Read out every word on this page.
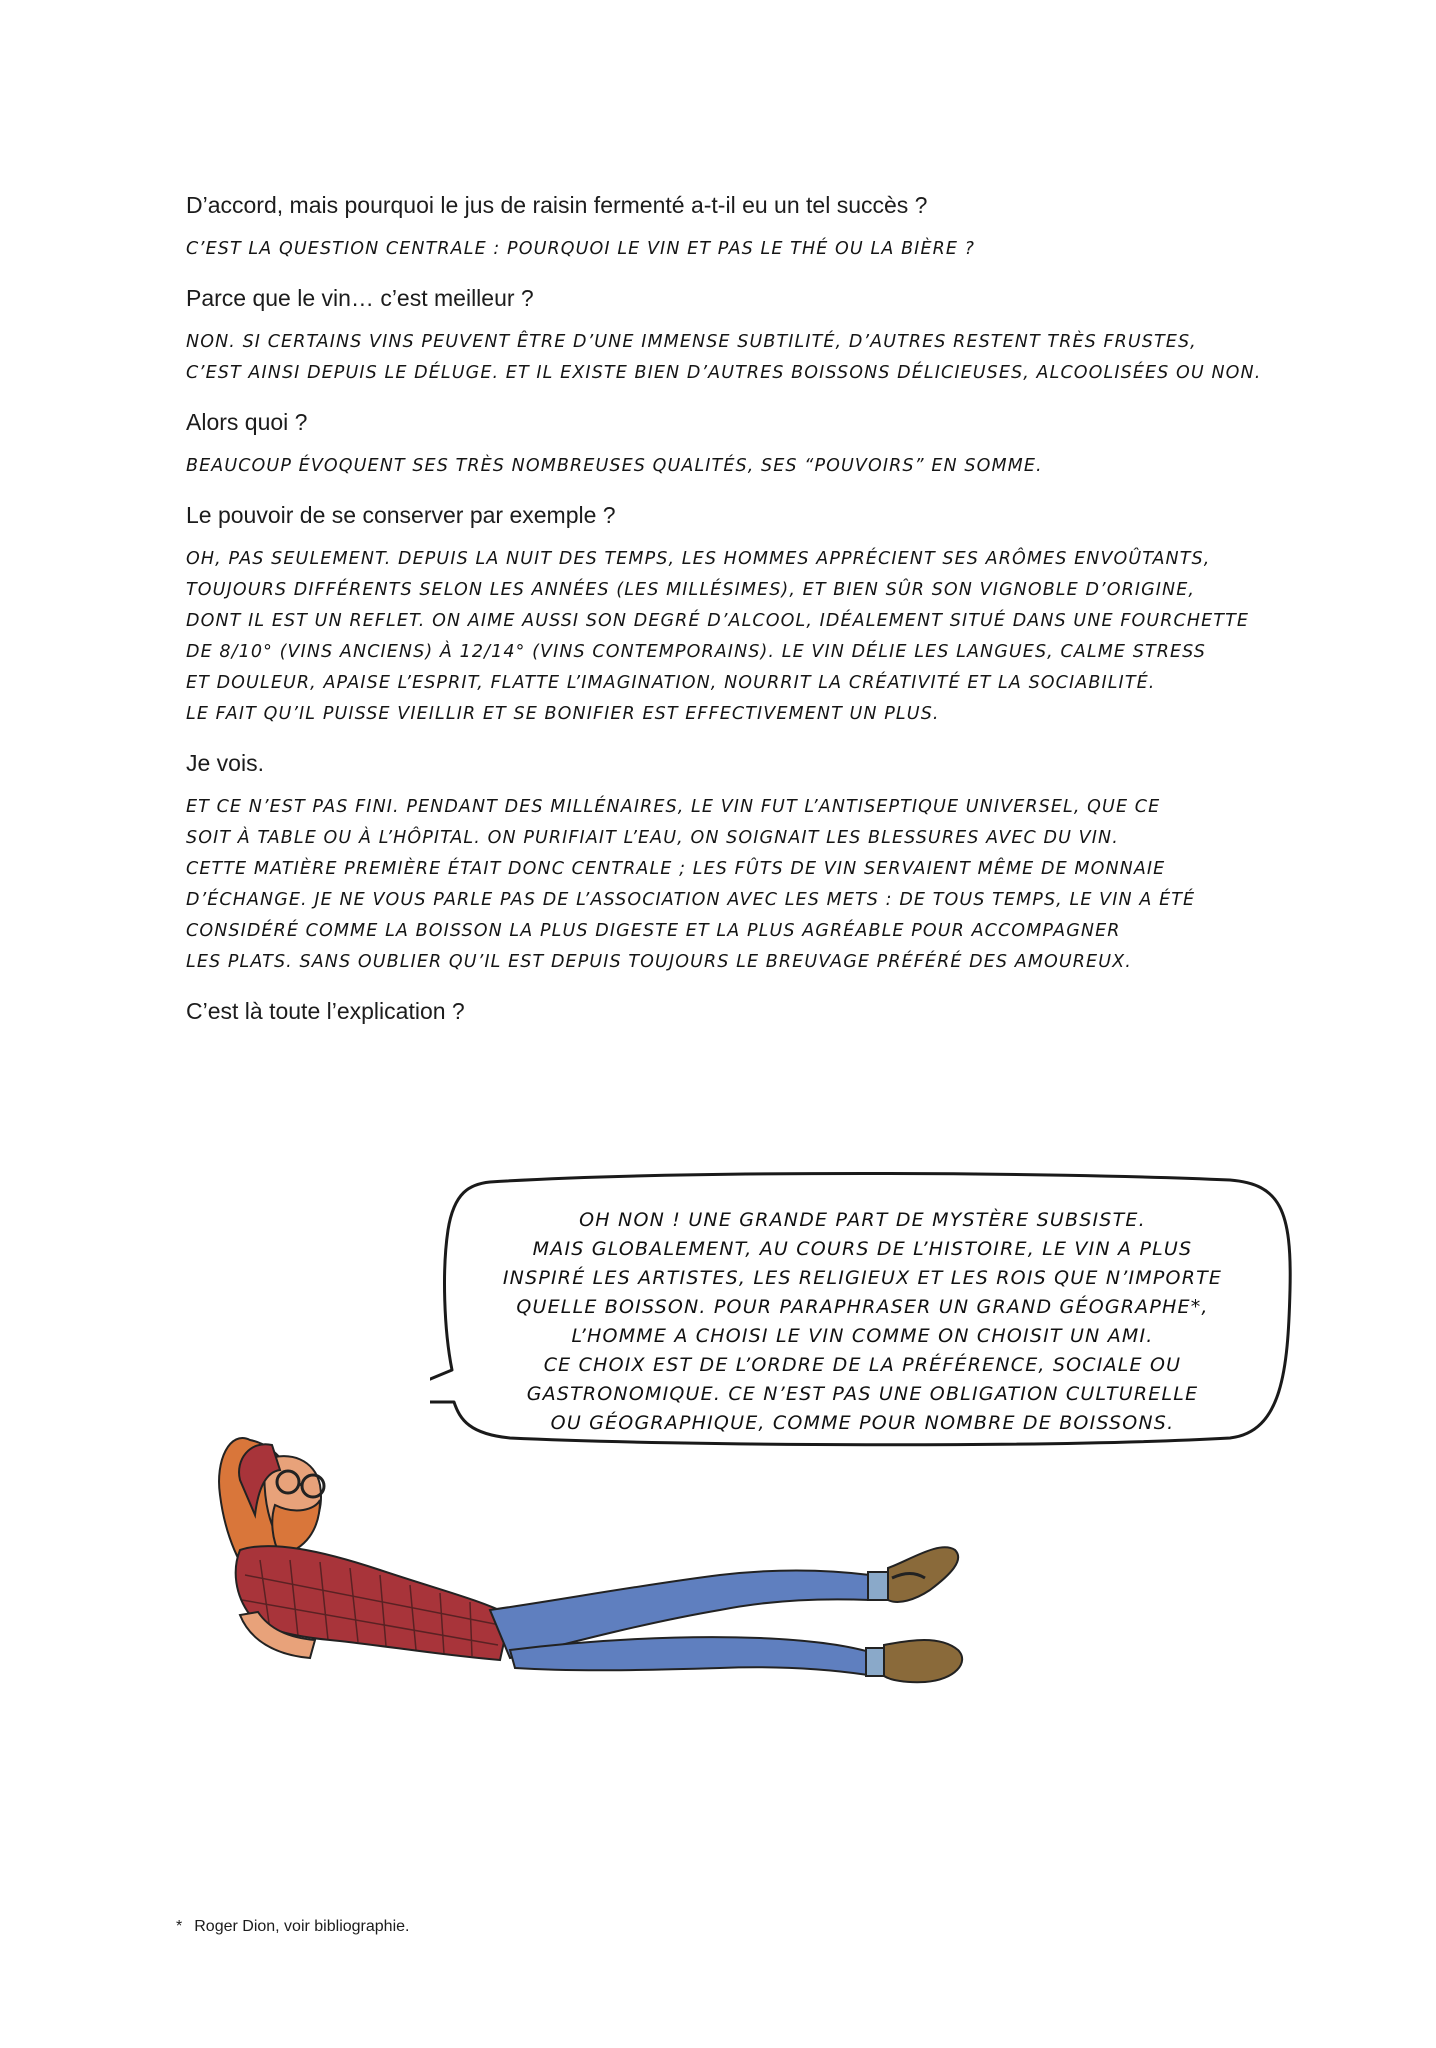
D’accord, mais pourquoi le jus de raisin fermenté a-t-il eu un tel succès ?

C’EST LA QUESTION CENTRALE : POURQUOI LE VIN ET PAS LE THÉ OU LA BIÈRE ?

Parce que le vin… c’est meilleur ?

NON. SI CERTAINS VINS PEUVENT ÊTRE D’UNE IMMENSE SUBTILITÉ, D’AUTRES RESTENT TRÈS FRUSTES,
C’EST AINSI DEPUIS LE DÉLUGE. ET IL EXISTE BIEN D’AUTRES BOISSONS DÉLICIEUSES, ALCOOLISÉES OU NON.

Alors quoi ?

BEAUCOUP ÉVOQUENT SES TRÈS NOMBREUSES QUALITÉS, SES “POUVOIRS” EN SOMME.

Le pouvoir de se conserver par exemple ?

OH, PAS SEULEMENT. DEPUIS LA NUIT DES TEMPS, LES HOMMES APPRÉCIENT SES ARÔMES ENVOÛTANTS,
TOUJOURS DIFFÉRENTS SELON LES ANNÉES (LES MILLÉSIMES), ET BIEN SÛR SON VIGNOBLE D’ORIGINE,
DONT IL EST UN REFLET. ON AIME AUSSI SON DEGRÉ D’ALCOOL, IDÉALEMENT SITUÉ DANS UNE FOURCHETTE
DE 8/10° (VINS ANCIENS) À 12/14° (VINS CONTEMPORAINS). LE VIN DÉLIE LES LANGUES, CALME STRESS
ET DOULEUR, APAISE L’ESPRIT, FLATTE L’IMAGINATION, NOURRIT LA CRÉATIVITÉ ET LA SOCIABILITÉ.
LE FAIT QU’IL PUISSE VIEILLIR ET SE BONIFIER EST EFFECTIVEMENT UN PLUS.

Je vois.

ET CE N’EST PAS FINI. PENDANT DES MILLÉNAIRES, LE VIN FUT L’ANTISEPTIQUE UNIVERSEL, QUE CE
SOIT À TABLE OU À L’HÔPITAL. ON PURIFIAIT L’EAU, ON SOIGNAIT LES BLESSURES AVEC DU VIN.
CETTE MATIÈRE PREMIÈRE ÉTAIT DONC CENTRALE ; LES FÛTS DE VIN SERVAIENT MÊME DE MONNAIE
D’ÉCHANGE. JE NE VOUS PARLE PAS DE L’ASSOCIATION AVEC LES METS : DE TOUS TEMPS, LE VIN A ÉTÉ
CONSIDÉRÉ COMME LA BOISSON LA PLUS DIGESTE ET LA PLUS AGRÉABLE POUR ACCOMPAGNER
LES PLATS. SANS OUBLIER QU’IL EST DEPUIS TOUJOURS LE BREUVAGE PRÉFÉRÉ DES AMOUREUX.

C’est là toute l’explication ?

OH NON ! UNE GRANDE PART DE MYSTÈRE SUBSISTE.
MAIS GLOBALEMENT, AU COURS DE L’HISTOIRE, LE VIN A PLUS
INSPIRÉ LES ARTISTES, LES RELIGIEUX ET LES ROIS QUE N’IMPORTE
QUELLE BOISSON. POUR PARAPHRASER UN GRAND GÉOGRAPHE*,
L’HOMME A CHOISI LE VIN COMME ON CHOISIT UN AMI.
CE CHOIX EST DE L’ORDRE DE LA PRÉFÉRENCE, SOCIALE OU
GASTRONOMIQUE. CE N’EST PAS UNE OBLIGATION CULTURELLE
OU GÉOGRAPHIQUE, COMME POUR NOMBRE DE BOISSONS.
* Roger Dion, voir bibliographie.
